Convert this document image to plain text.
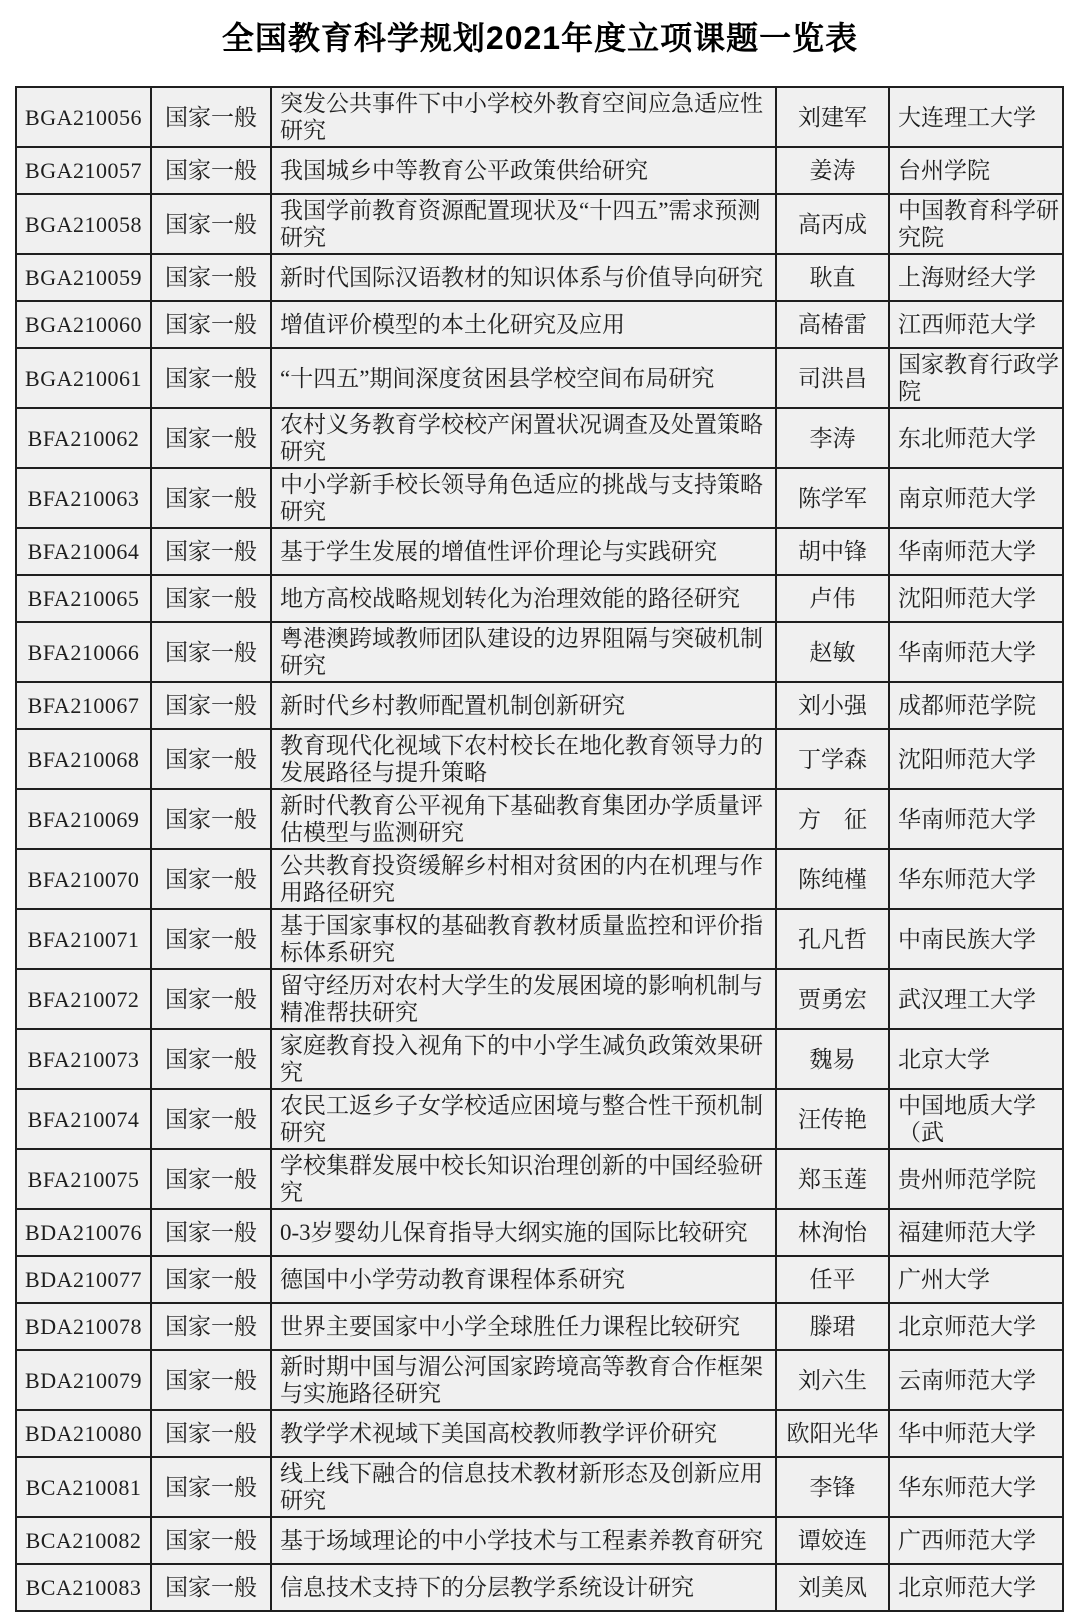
全国教育科学规划2021年度立项课题一览表
BGA210056	国家一般	突发公共事件下中小学校外教育空间应急适应性研究	刘建军	大连理工大学
BGA210057	国家一般	我国城乡中等教育公平政策供给研究	姜涛	台州学院
BGA210058	国家一般	我国学前教育资源配置现状及“十四五”需求预测研究	高丙成	中国教育科学研究院
BGA210059	国家一般	新时代国际汉语教材的知识体系与价值导向研究	耿直	上海财经大学
BGA210060	国家一般	增值评价模型的本土化研究及应用	高椿雷	江西师范大学
BGA210061	国家一般	“十四五”期间深度贫困县学校空间布局研究	司洪昌	国家教育行政学院
BFA210062	国家一般	农村义务教育学校校产闲置状况调查及处置策略研究	李涛	东北师范大学
BFA210063	国家一般	中小学新手校长领导角色适应的挑战与支持策略研究	陈学军	南京师范大学
BFA210064	国家一般	基于学生发展的增值性评价理论与实践研究	胡中锋	华南师范大学
BFA210065	国家一般	地方高校战略规划转化为治理效能的路径研究	卢伟	沈阳师范大学
BFA210066	国家一般	粤港澳跨域教师团队建设的边界阻隔与突破机制研究	赵敏	华南师范大学
BFA210067	国家一般	新时代乡村教师配置机制创新研究	刘小强	成都师范学院
BFA210068	国家一般	教育现代化视域下农村校长在地化教育领导力的发展路径与提升策略	丁学森	沈阳师范大学
BFA210069	国家一般	新时代教育公平视角下基础教育集团办学质量评估模型与监测研究	方　征	华南师范大学
BFA210070	国家一般	公共教育投资缓解乡村相对贫困的内在机理与作用路径研究	陈纯槿	华东师范大学
BFA210071	国家一般	基于国家事权的基础教育教材质量监控和评价指标体系研究	孔凡哲	中南民族大学
BFA210072	国家一般	留守经历对农村大学生的发展困境的影响机制与精准帮扶研究	贾勇宏	武汉理工大学
BFA210073	国家一般	家庭教育投入视角下的中小学生减负政策效果研究	魏易	北京大学
BFA210074	国家一般	农民工返乡子女学校适应困境与整合性干预机制研究	汪传艳	中国地质大学（武
BFA210075	国家一般	学校集群发展中校长知识治理创新的中国经验研究	郑玉莲	贵州师范学院
BDA210076	国家一般	0-3岁婴幼儿保育指导大纲实施的国际比较研究	林洵怡	福建师范大学
BDA210077	国家一般	德国中小学劳动教育课程体系研究	任平	广州大学
BDA210078	国家一般	世界主要国家中小学全球胜任力课程比较研究	滕珺	北京师范大学
BDA210079	国家一般	新时期中国与湄公河国家跨境高等教育合作框架与实施路径研究	刘六生	云南师范大学
BDA210080	国家一般	教学学术视域下美国高校教师教学评价研究	欧阳光华	华中师范大学
BCA210081	国家一般	线上线下融合的信息技术教材新形态及创新应用研究	李锋	华东师范大学
BCA210082	国家一般	基于场域理论的中小学技术与工程素养教育研究	谭姣连	广西师范大学
BCA210083	国家一般	信息技术支持下的分层教学系统设计研究	刘美凤	北京师范大学
